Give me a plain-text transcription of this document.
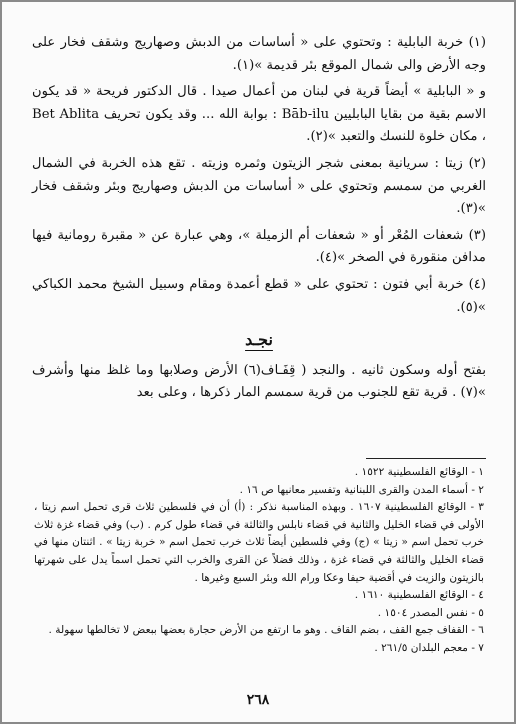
(١) خربة البابلية : وتحتوي على « أساسات من الدبش وصهاريج وشقف فخار على وجه الأرض والى شمال الموقع بئر قديمة »(١).

و « البابلية » أيضاً قرية في لبنان من أعمال صيدا . قال الدكتور فريحة « قد يكون الاسم بقية من بقايا البابليين Bāb-ilu : بوابة الله ... وقد يكون تحريف Bet Ablita ، مكان خلوة للنسك والتعبد »(٢).

(٢) زيتا : سريانية بمعنى شجر الزيتون وثمره وزيته . تقع هذه الخربة في الشمال الغربي من سمسم وتحتوي على « أساسات من الدبش وصهاريج وبئر وشقف فخار »(٣).

(٣) شعفات المُعْر أو « شعفات أم الزميلة »، وهي عبارة عن « مقبرة رومانية فيها مدافن منقورة في الصخر »(٤).

(٤) خربة أبي فتون : تحتوي على « قطع أعمدة ومقام وسبيل الشيخ محمد الكباكي »(٥).

نجـد

بفتح أوله وسكون ثانيه . والنجد ( قِفَـاف(٦) الأرض وصلابها وما غلظ منها وأشرف »(٧) . قرية تقع للجنوب من قرية سمسم المار ذكرها ، وعلى بعد

١ - الوقائع الفلسطينية ١٥٢٢ .

٢ - أسماء المدن والقرى اللبنانية وتفسير معانيها ص ١٦ .

٣ - الوقائع الفلسطينية ١٦٠٧ . وبهذه المناسبة نذكر : (أ) أن في فلسطين ثلاث قرى تحمل اسم زيتا ، الأولى في قضاء الخليل والثانية في قضاء نابلس والثالثة في قضاء طول كرم . (ب) وفي قضاء غزة ثلاث خرب تحمل اسم « زيتا » (ج) وفي فلسطين أيضاً ثلاث خرب تحمل اسم « خربة زيتا » . اثنتان منها في قضاء الخليل والثالثة في قضاء غزة ، وذلك فضلاً عن القرى والخرب التي تحمل اسماً يدل على شهرتها بالزيتون والزيت في أقضية حيفا وعكا ورام الله وبئر السبع وغيرها .

٤ - الوقائع الفلسطينية ١٦١٠ .

٥ - نفس المصدر ١٥٠٤ .

٦ - القفاف جمع القف ، بضم القاف . وهو ما ارتفع من الأرض حجارة بعضها ببعض لا تخالطها سهولة .

٧ - معجم البلدان ٢٦١/٥ .

٢٦٨
